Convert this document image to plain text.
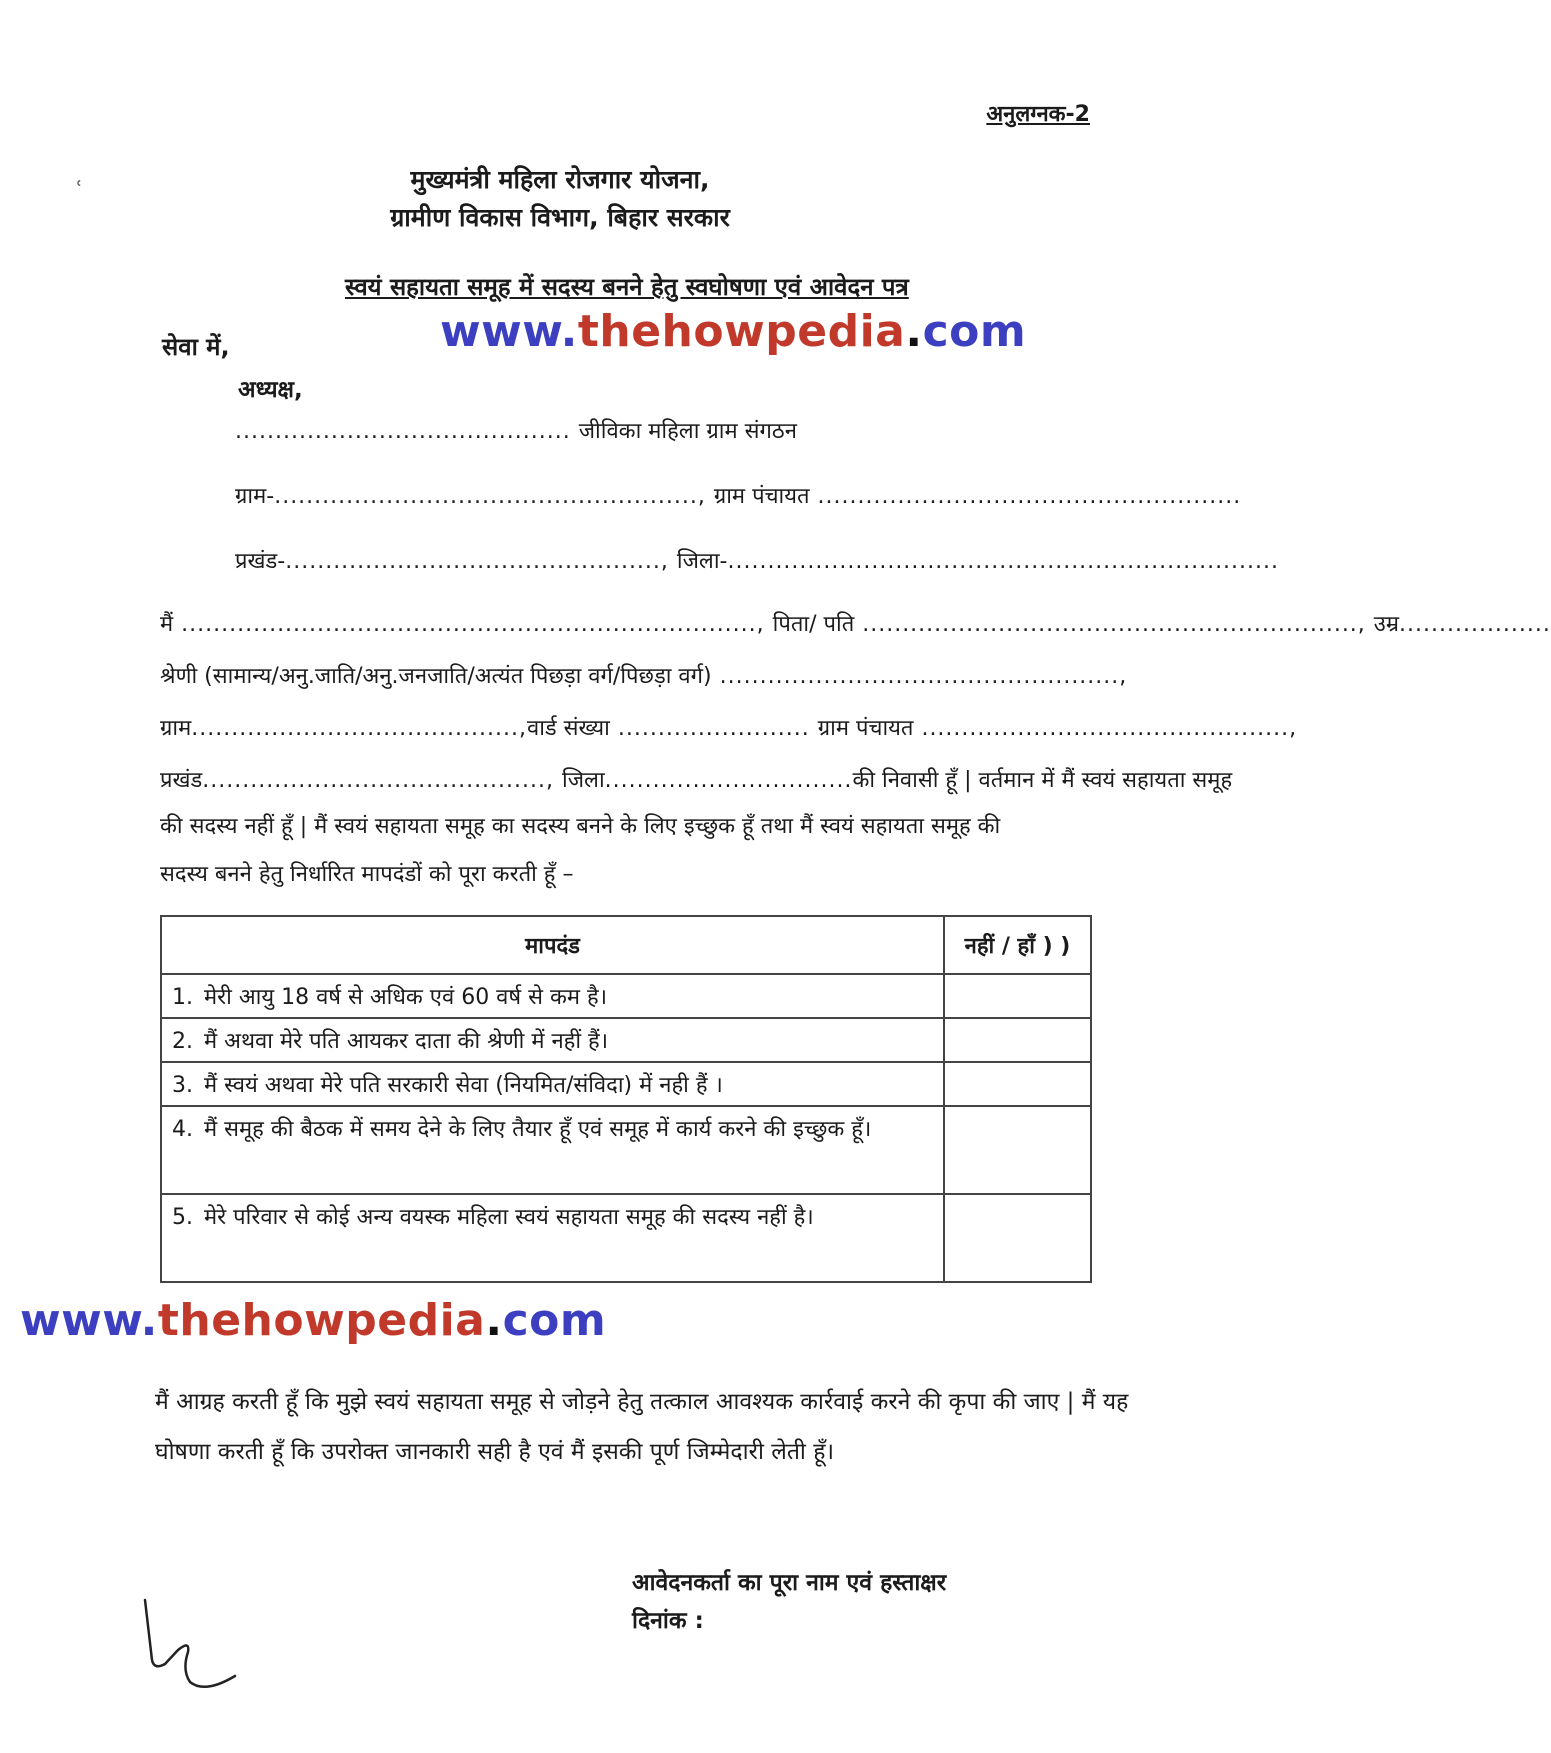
अनुलग्नक-2
मुख्यमंत्री महिला रोजगार योजना,
ग्रामीण विकास विभाग, बिहार सरकार
स्वयं सहायता समूह में सदस्य बनने हेतु स्वघोषणा एवं आवेदन पत्र
www.thehowpedia.com
ʿ
सेवा में,
अध्यक्ष,
.......................................... जीविका महिला ग्राम संगठन
ग्राम-....................................................., ग्राम पंचायत .....................................................
प्रखंड-..............................................., जिला-.....................................................................
मैं ........................................................................, पिता/ पति .............................................................., उम्र...................
श्रेणी (सामान्य/अनु.जाति/अनु.जनजाति/अत्यंत पिछड़ा वर्ग/पिछड़ा वर्ग) ..................................................,
ग्राम.........................................,वार्ड संख्या ........................ ग्राम पंचायत ..............................................,
प्रखंड..........................................., जिला...............................की निवासी हूँ | वर्तमान में मैं स्वयं सहायता समूह
की सदस्य नहीं हूँ | मैं स्वयं सहायता समूह का सदस्य बनने के लिए इच्छुक हूँ तथा मैं स्वयं सहायता समूह की
सदस्य बनने हेतु निर्धारित मापदंडों को पूरा करती हूँ –
मापदंड	नहीं / हाँ ) )
1. मेरी आयु 18 वर्ष से अधिक एवं 60 वर्ष से कम है।	
2. मैं अथवा मेरे पति आयकर दाता की श्रेणी में नहीं हैं।	
3. मैं स्वयं अथवा मेरे पति सरकारी सेवा (नियमित/संविदा) में नही हैं ।	
4. मैं समूह की बैठक में समय देने के लिए तैयार हूँ एवं समूह में कार्य करने की इच्छुक हूँ।	
5. मेरे परिवार से कोई अन्य वयस्क महिला स्वयं सहायता समूह की सदस्य नहीं है।	
www.thehowpedia.com
मैं आग्रह करती हूँ कि मुझे स्वयं सहायता समूह से जोड़ने हेतु तत्काल आवश्यक कार्रवाई करने की कृपा की जाए | मैं यह घोषणा करती हूँ कि उपरोक्त जानकारी सही है एवं मैं इसकी पूर्ण जिम्मेदारी लेती हूँ।
आवेदनकर्ता का पूरा नाम एवं हस्ताक्षर
दिनांक :
